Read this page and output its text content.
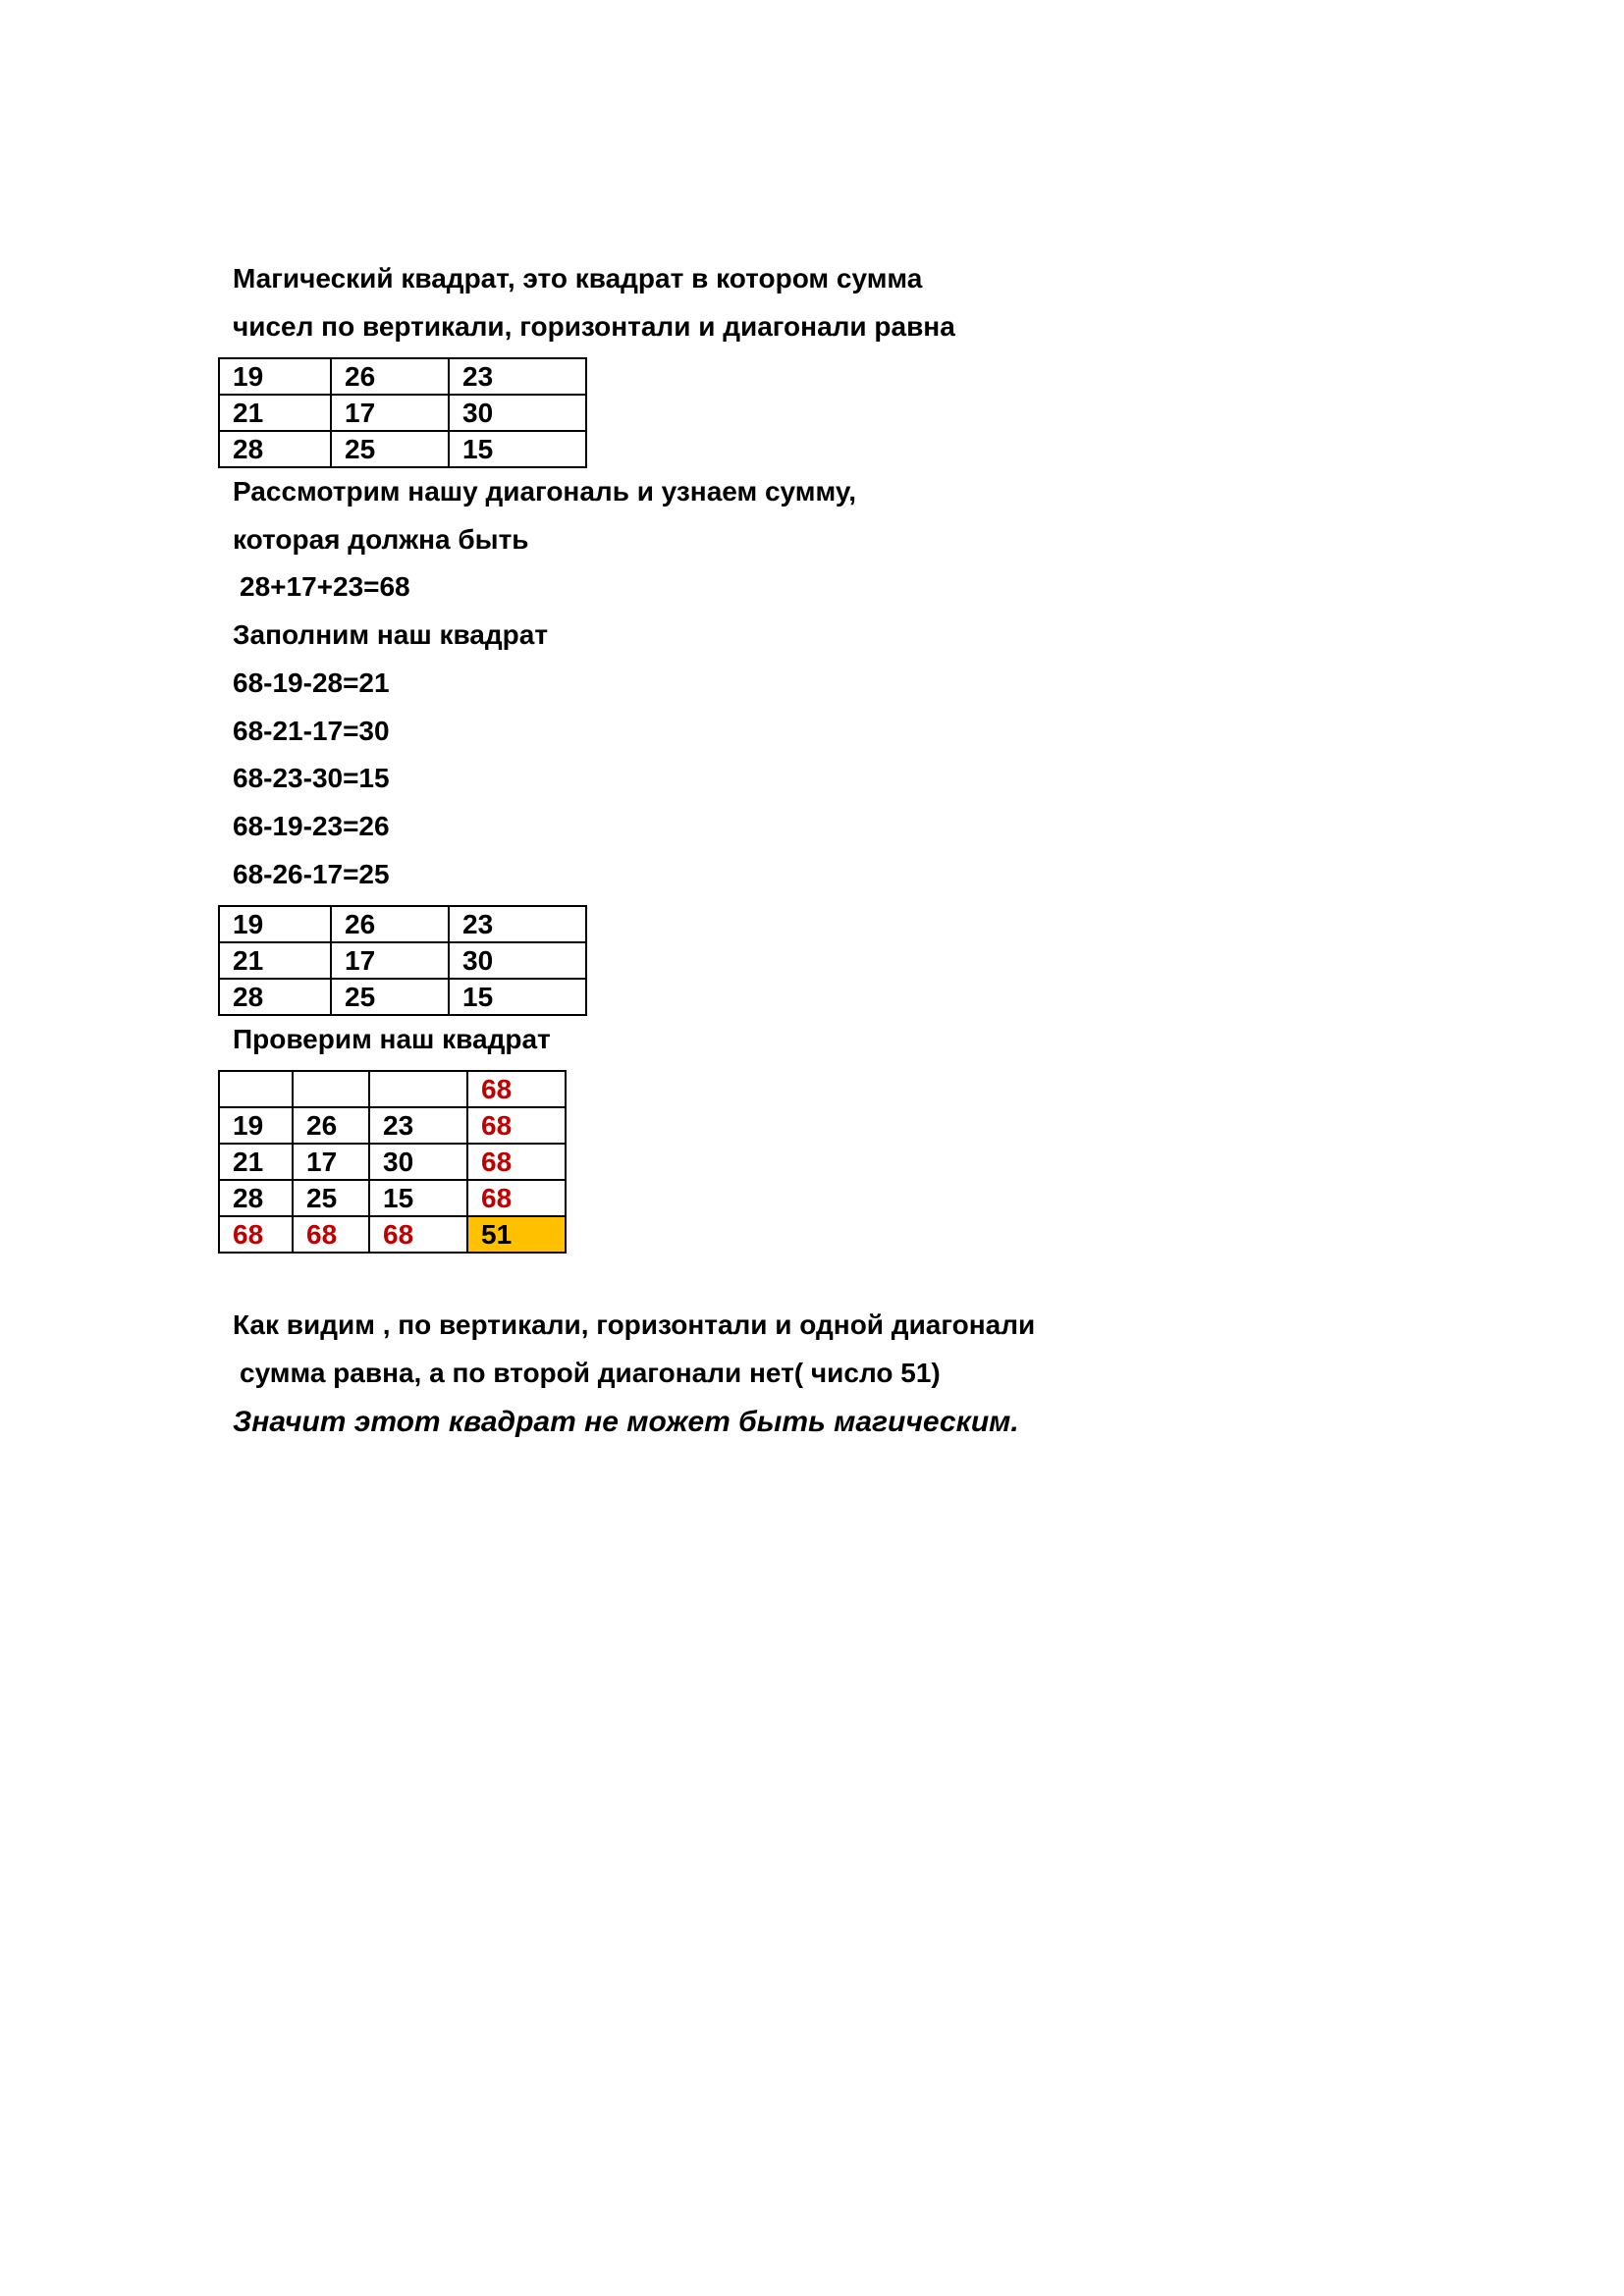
Магический квадрат, это квадрат в котором сумма
чисел по вертикали, горизонтали и диагонали равна
19	26	23
21	17	30
28	25	15
Рассмотрим нашу диагональ и узнаем сумму,
которая должна быть
28+17+23=68
Заполним наш квадрат
68-19-28=21
68-21-17=30
68-23-30=15
68-19-23=26
68-26-17=25
19	26	23
21	17	30
28	25	15
Проверим наш квадрат
			68
19	26	23	68
21	17	30	68
28	25	15	68
68	68	68	51
Как видим , по вертикали, горизонтали и одной диагонали
сумма равна, а по второй диагонали нет( число 51)
Значит этот квадрат не может быть магическим.
